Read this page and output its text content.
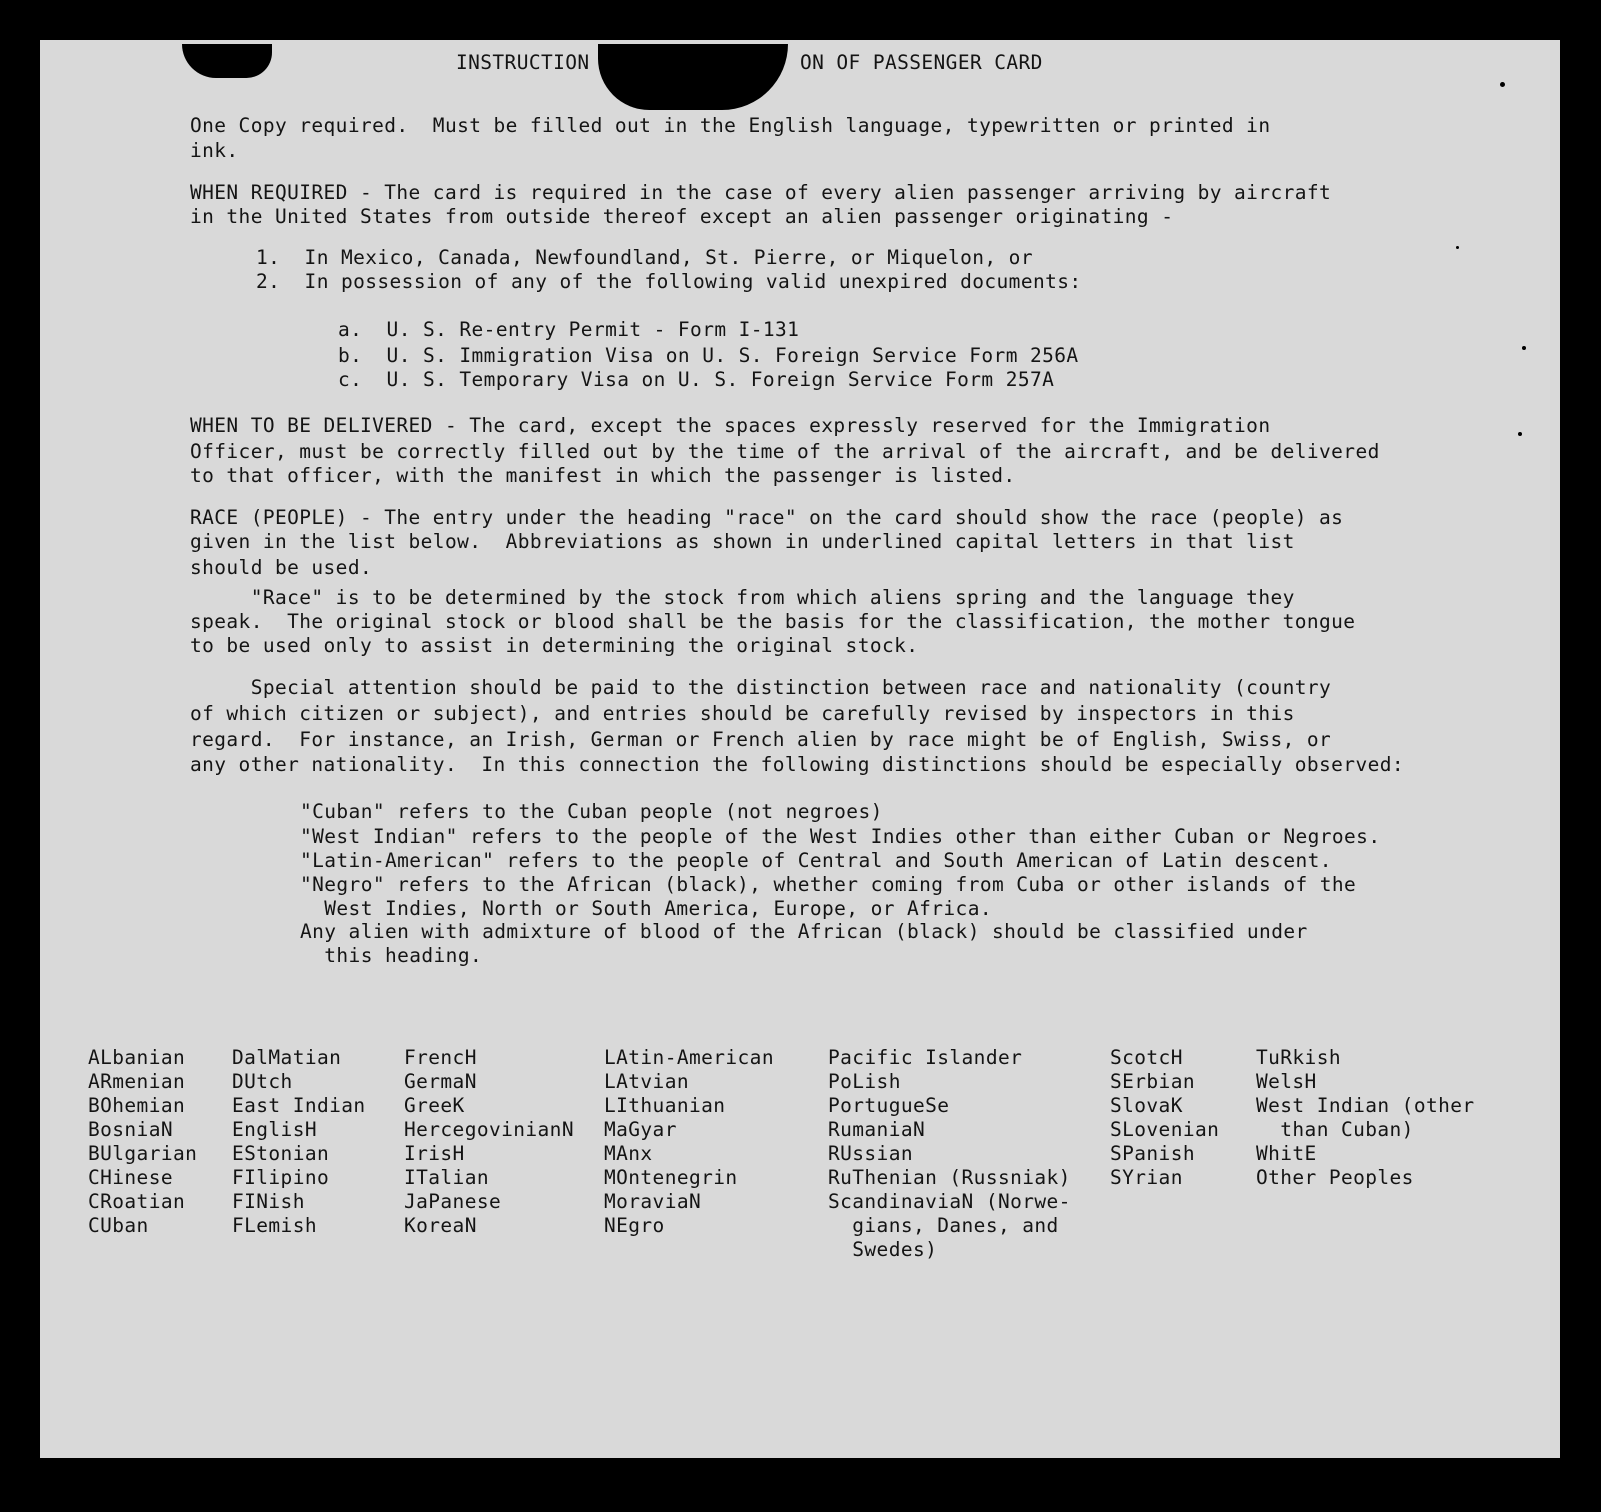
INSTRUCTION	ON OF PASSENGER CARD
One Copy required.  Must be filled out in the English language, typewritten or printed in
ink.
WHEN REQUIRED - The card is required in the case of every alien passenger arriving by aircraft
in the United States from outside thereof except an alien passenger originating -
1.  In Mexico, Canada, Newfoundland, St. Pierre, or Miquelon, or
2.  In possession of any of the following valid unexpired documents:
a.  U. S. Re-entry Permit - Form I-131
b.  U. S. Immigration Visa on U. S. Foreign Service Form 256A
c.  U. S. Temporary Visa on U. S. Foreign Service Form 257A
WHEN TO BE DELIVERED - The card, except the spaces expressly reserved for the Immigration
Officer, must be correctly filled out by the time of the arrival of the aircraft, and be delivered
to that officer, with the manifest in which the passenger is listed.
RACE (PEOPLE) - The entry under the heading "race" on the card should show the race (people) as
given in the list below.  Abbreviations as shown in underlined capital letters in that list
should be used.
"Race" is to be determined by the stock from which aliens spring and the language they
speak.  The original stock or blood shall be the basis for the classification, the mother tongue
to be used only to assist in determining the original stock.
Special attention should be paid to the distinction between race and nationality (country
of which citizen or subject), and entries should be carefully revised by inspectors in this
regard.  For instance, an Irish, German or French alien by race might be of English, Swiss, or
any other nationality.  In this connection the following distinctions should be especially observed:
"Cuban" refers to the Cuban people (not negroes)
"West Indian" refers to the people of the West Indies other than either Cuban or Negroes.
"Latin-American" refers to the people of Central and South American of Latin descent.
"Negro" refers to the African (black), whether coming from Cuba or other islands of the
West Indies, North or South America, Europe, or Africa.
Any alien with admixture of blood of the African (black) should be classified under
this heading.

ALbanian
ARmenian
BOhemian
BosniaN
BUlgarian
CHinese
CRoatian
CUban

DalMatian
DUtch
East Indian
EnglisH
EStonian
FIlipino
FINish
FLemish

FrencH
GermaN
GreeK
HercegovinianN
IrisH
ITalian
JaPanese
KoreaN

LAtin-American
LAtvian
LIthuanian
MaGyar
MAnx
MOntenegrin
MoraviaN
NEgro

Pacific Islander
PoLish
PortugueSe
RumaniaN
RUssian
RuThenian (Russniak)
ScandinaviaN (Norwe-
gians, Danes, and
Swedes)

ScotcH
SErbian
SlovaK
SLovenian
SPanish
SYrian

TuRkish
WelsH
West Indian (other
than Cuban)
WhitE
Other Peoples
